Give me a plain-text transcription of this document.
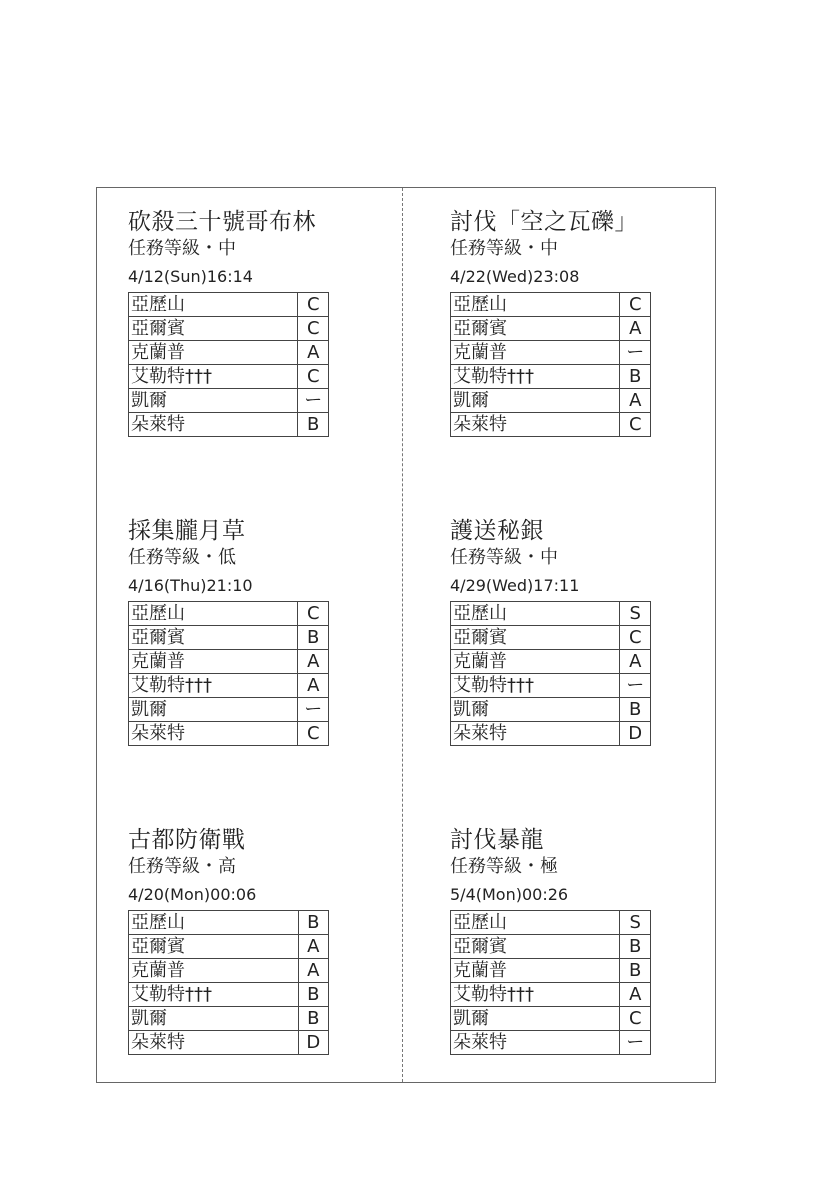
砍殺三十號哥布林
任務等級・中
4/12(Sun)16:14
亞歷山	C
亞爾賓	C
克蘭普	A
艾勒特†††	C
凱爾	ー
朵萊特	B
討伐「空之瓦礫」
任務等級・中
4/22(Wed)23:08
亞歷山	C
亞爾賓	A
克蘭普	ー
艾勒特†††	B
凱爾	A
朵萊特	C
採集朧月草
任務等級・低
4/16(Thu)21:10
亞歷山	C
亞爾賓	B
克蘭普	A
艾勒特†††	A
凱爾	ー
朵萊特	C
護送秘銀
任務等級・中
4/29(Wed)17:11
亞歷山	S
亞爾賓	C
克蘭普	A
艾勒特†††	ー
凱爾	B
朵萊特	D
古都防衛戰
任務等級・高
4/20(Mon)00:06
亞歷山	B
亞爾賓	A
克蘭普	A
艾勒特†††	B
凱爾	B
朵萊特	D
討伐暴龍
任務等級・極
5/4(Mon)00:26
亞歷山	S
亞爾賓	B
克蘭普	B
艾勒特†††	A
凱爾	C
朵萊特	ー
